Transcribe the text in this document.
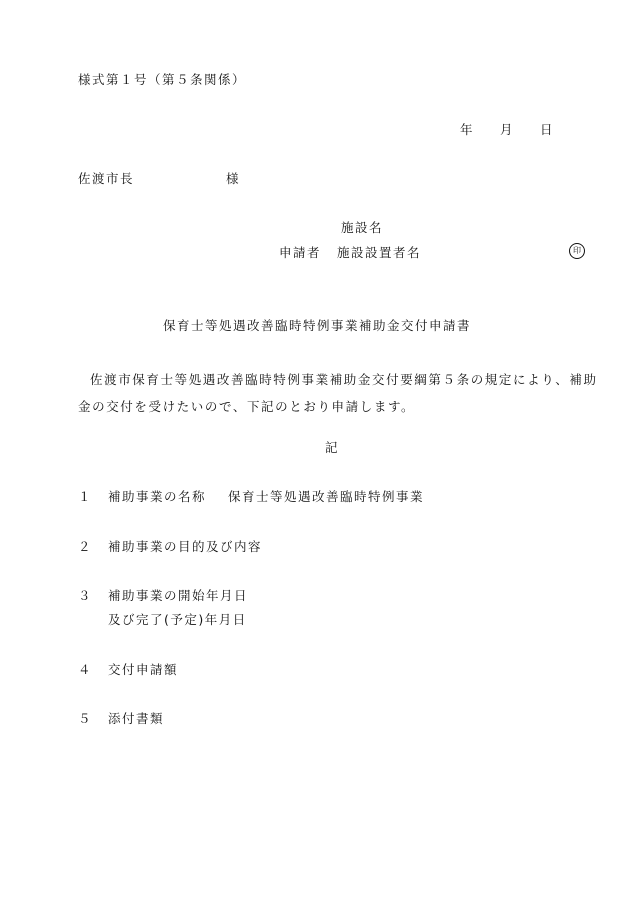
様式第１号（第５条関係）
年 月 日
佐渡市長	様
施設名
申請者 施設設置者名	印
保育士等処遇改善臨時特例事業補助金交付申請書
佐渡市保育士等処遇改善臨時特例事業補助金交付要綱第５条の規定により、補助金の交付を受けたいので、下記のとおり申請します。
記
１ 補助事業の名称 保育士等処遇改善臨時特例事業
２ 補助事業の目的及び内容
３ 補助事業の開始年月日
及び完了(予定)年月日
４ 交付申請額
５ 添付書類
